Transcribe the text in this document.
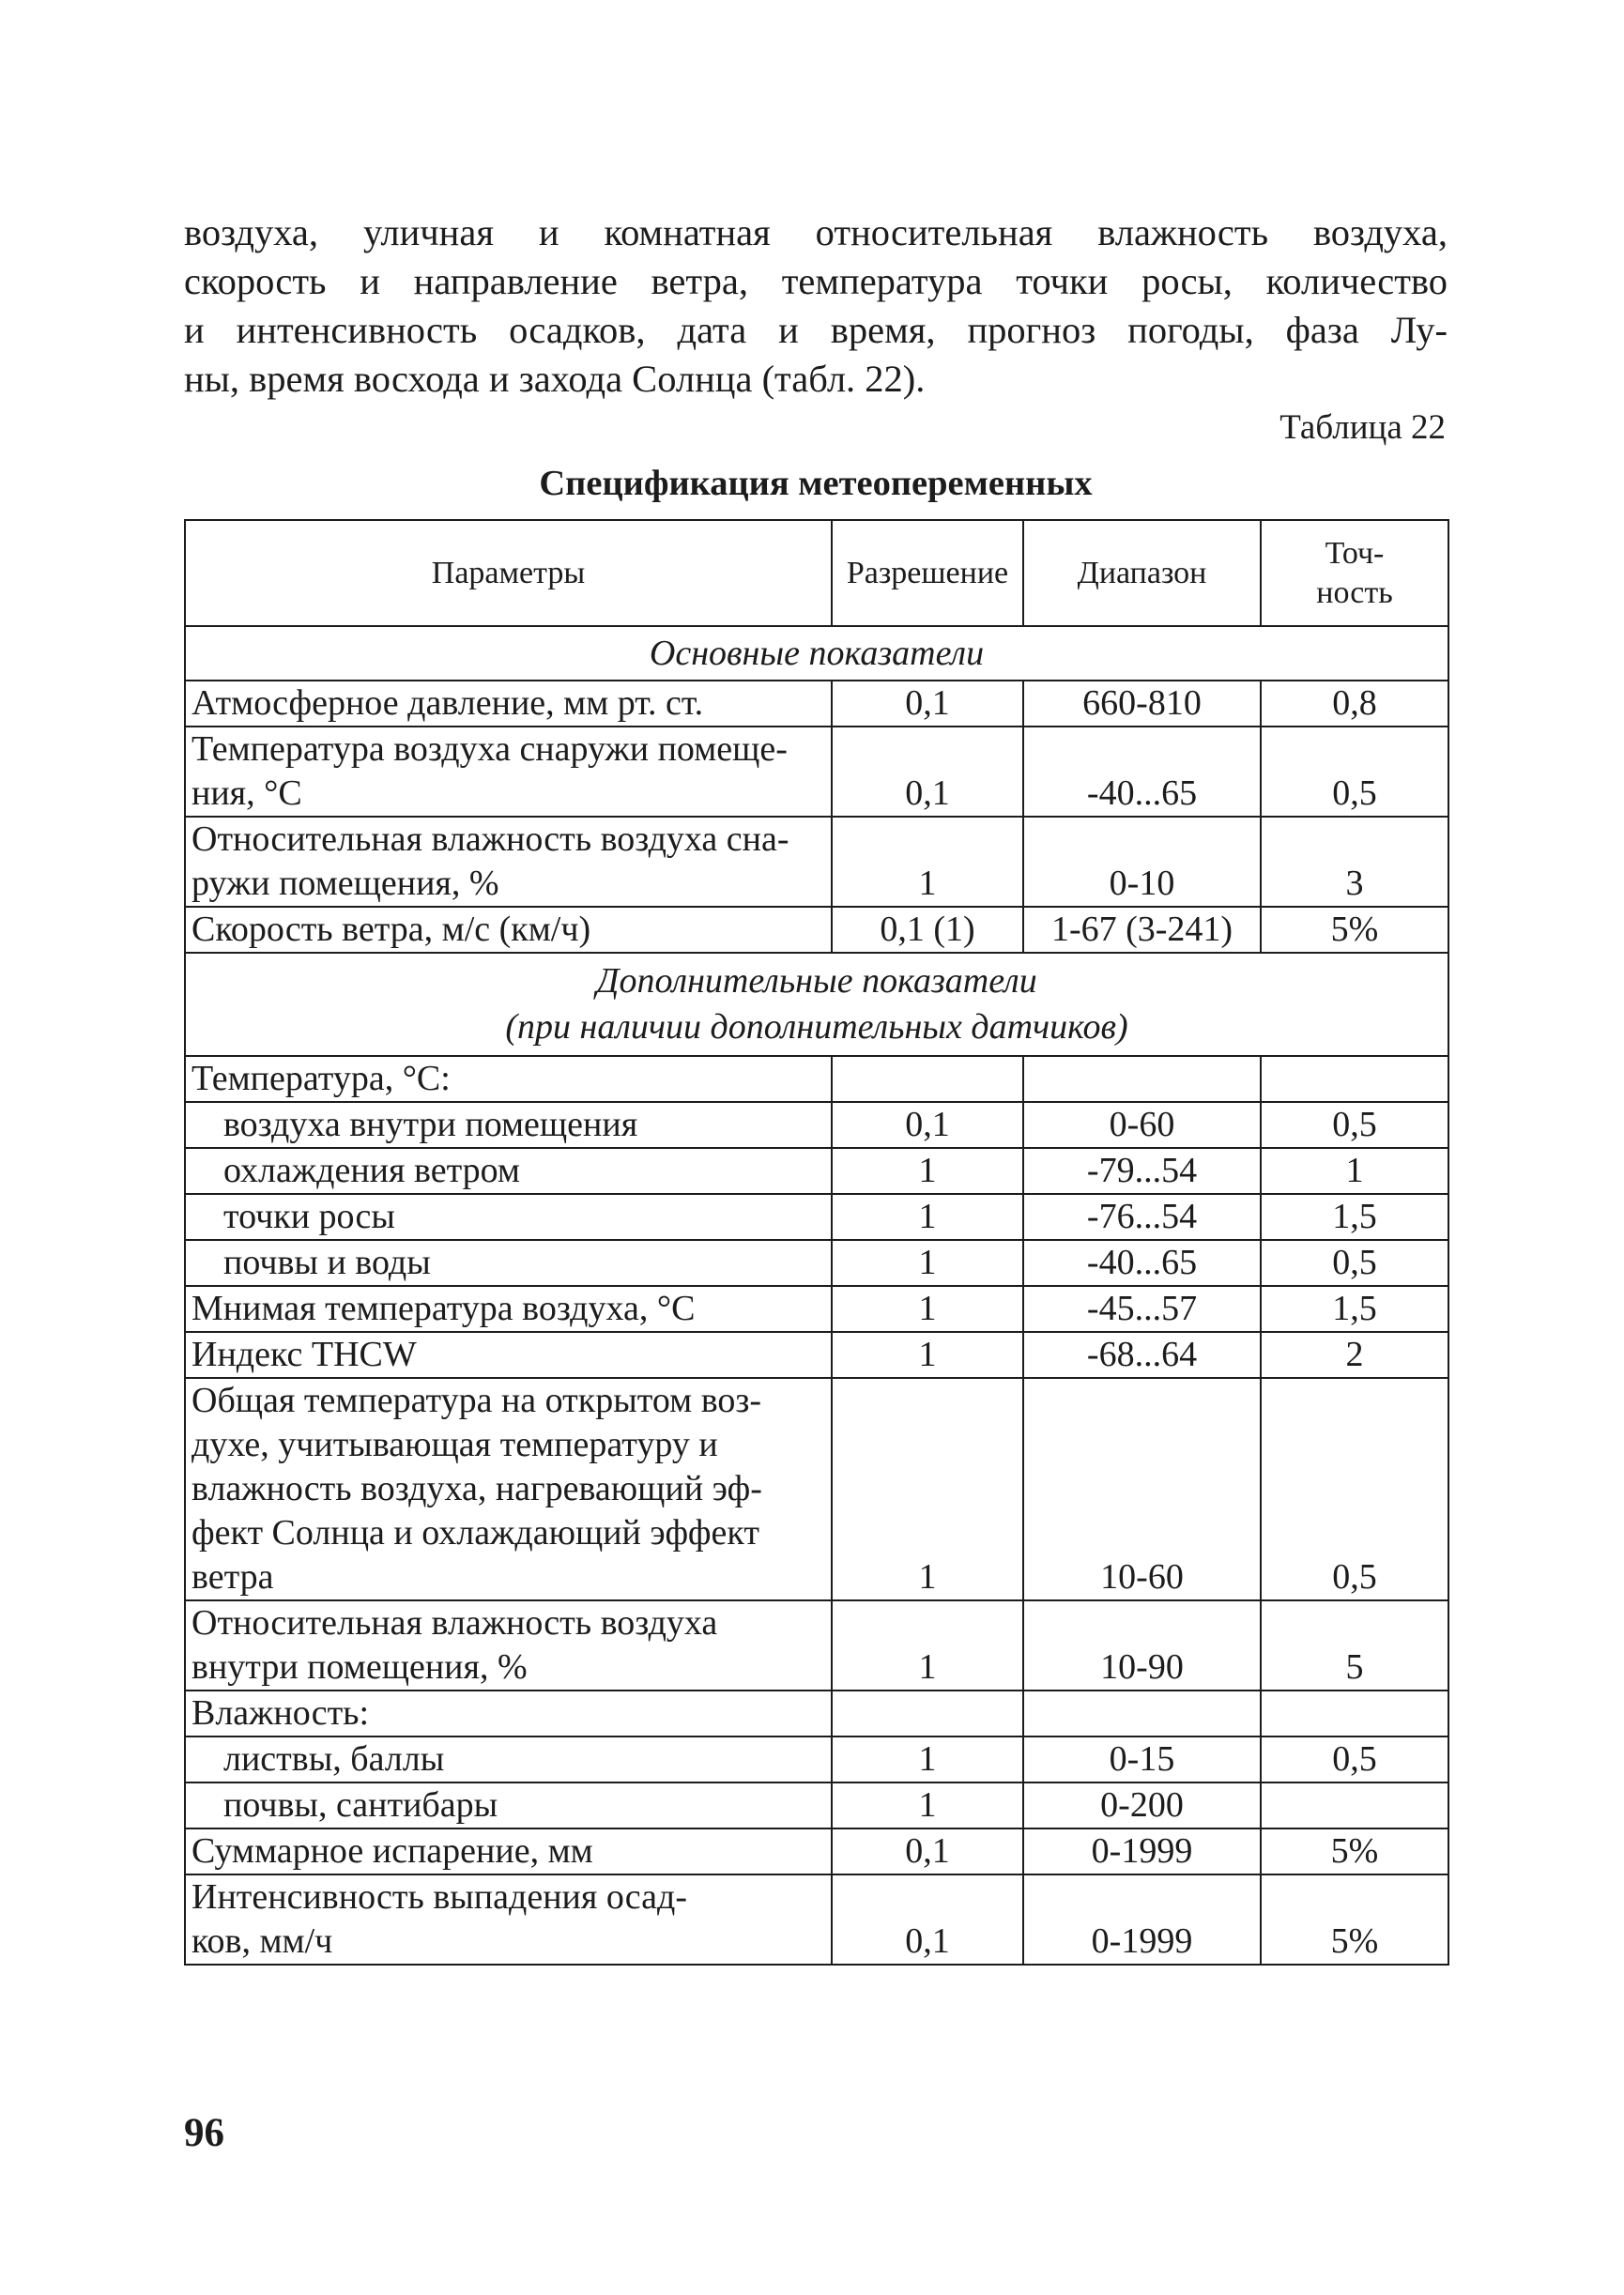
воздуха, уличная и комнатная относительная влажность воздуха,
скорость и направление ветра, температура точки росы, количество
и интенсивность осадков, дата и время, прогноз погоды, фаза Лу-
ны, время восхода и захода Солнца (табл. 22).
Таблица 22
Спецификация метеопеременных
Параметры	Разрешение	Диапазон	Точ-
ность
Основные показатели			
Атмосферное давление, мм рт. ст.	0,1	660-810	0,8
Температура воздуха снаружи помеще-
ния, °С	0,1	-40...65	0,5
Относительная влажность воздуха сна-
ружи помещения, %	1	0-10	3
Скорость ветра, м/с (км/ч)	0,1 (1)	1-67 (3-241)	5%
Дополнительные показатели
(при наличии дополнительных датчиков)			
Температура, °С:			
воздуха внутри помещения	0,1	0-60	0,5
охлаждения ветром	1	-79...54	1
точки росы	1	-76...54	1,5
почвы и воды	1	-40...65	0,5
Мнимая температура воздуха, °С	1	-45...57	1,5
Индекс THCW	1	-68...64	2
Общая температура на открытом воз-
духе, учитывающая температуру и
влажность воздуха, нагревающий эф-
фект Солнца и охлаждающий эффект
ветра	1	10-60	0,5
Относительная влажность воздуха
внутри помещения, %	1	10-90	5
Влажность:			
листвы, баллы	1	0-15	0,5
почвы, сантибары	1	0-200	
Суммарное испарение, мм	0,1	0-1999	5%
Интенсивность выпадения осад-
ков, мм/ч	0,1	0-1999	5%
96
